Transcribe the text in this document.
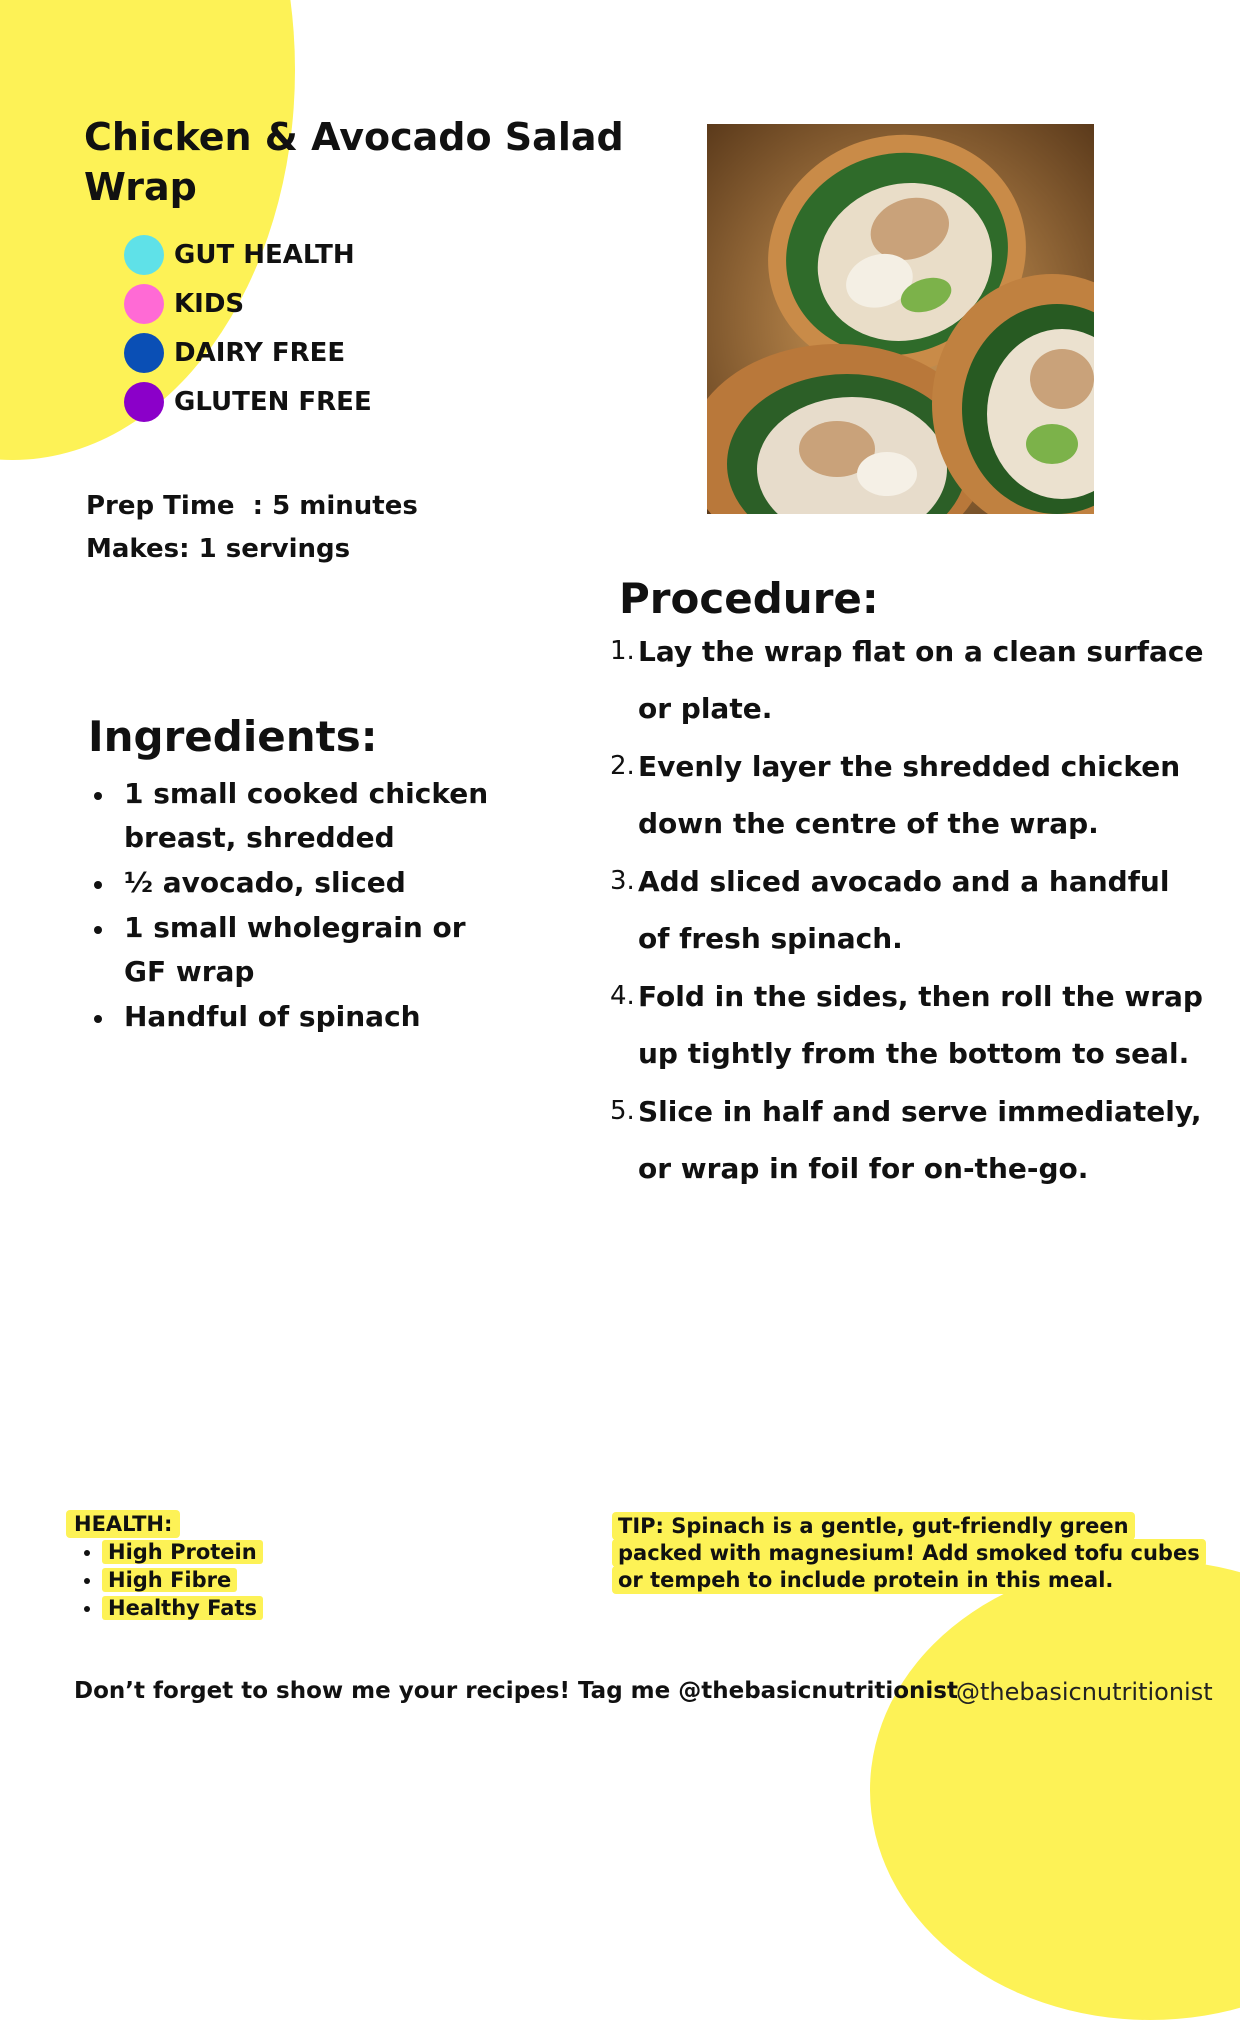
Chicken & Avocado Salad Wrap
GUT HEALTH
KIDS
DAIRY FREE
GLUTEN FREE
Prep Time  : 5 minutes
Makes: 1 servings
Ingredients:
1 small cooked chicken breast, shredded
½ avocado, sliced
1 small wholegrain or GF wrap
Handful of spinach
Procedure:
1. Lay the wrap flat on a clean surface or plate.
2. Evenly layer the shredded chicken down the centre of the wrap.
3. Add sliced avocado and a handful of fresh spinach.
4. Fold in the sides, then roll the wrap up tightly from the bottom to seal.
5. Slice in half and serve immediately, or wrap in foil for on-the-go.
HEALTH:
High Protein
High Fibre
Healthy Fats
TIP: Spinach is a gentle, gut-friendly green packed with magnesium! Add smoked tofu cubes or tempeh to include protein in this meal.
Don’t forget to show me your recipes! Tag me @thebasicnutritionist
@thebasicnutritionist
